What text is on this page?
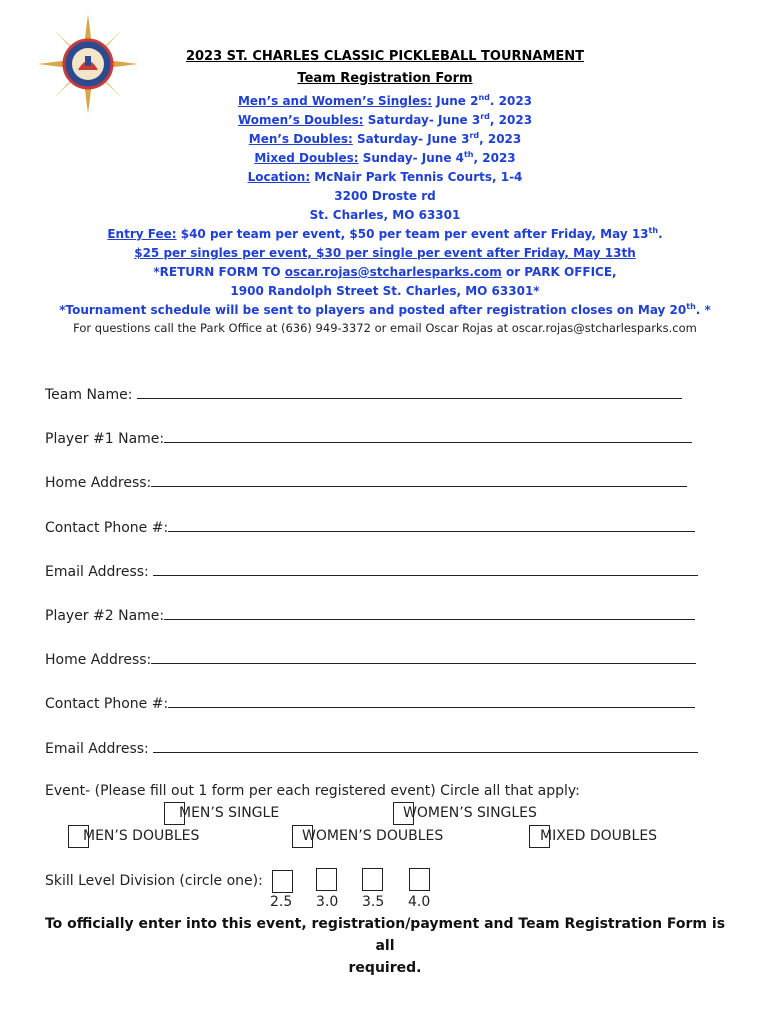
2023 ST. CHARLES CLASSIC PICKLEBALL TOURNAMENT
Team Registration Form
Men’s and Women’s Singles: June 2nd. 2023
Women’s Doubles: Saturday- June 3rd, 2023
Men’s Doubles: Saturday- June 3rd, 2023
Mixed Doubles: Sunday- June 4th, 2023
Location: McNair Park Tennis Courts, 1-4
3200 Droste rd
St. Charles, MO 63301
Entry Fee: $40 per team per event, $50 per team per event after Friday, May 13th.
$25 per singles per event, $30 per single per event after Friday, May 13th
*RETURN FORM TO oscar.rojas@stcharlesparks.com or PARK OFFICE,
1900 Randolph Street St. Charles, MO 63301*
*Tournament schedule will be sent to players and posted after registration closes on May 20th. *
For questions call the Park Office at (636) 949-3372 or email Oscar Rojas at oscar.rojas@stcharlesparks.com
Team Name:
Player #1 Name:
Home Address:
Contact Phone #:
Email Address:
Player #2 Name:
Home Address:
Contact Phone #:
Email Address:
Event- (Please fill out 1 form per each registered event) Circle all that apply:
MEN’S SINGLE	WOMEN’S SINGLES
MEN’S DOUBLES	WOMEN’S DOUBLES	MIXED DOUBLES
Skill Level Division (circle one):
2.5 3.0 3.5 4.0
To officially enter into this event, registration/payment and Team Registration Form is all
required.
